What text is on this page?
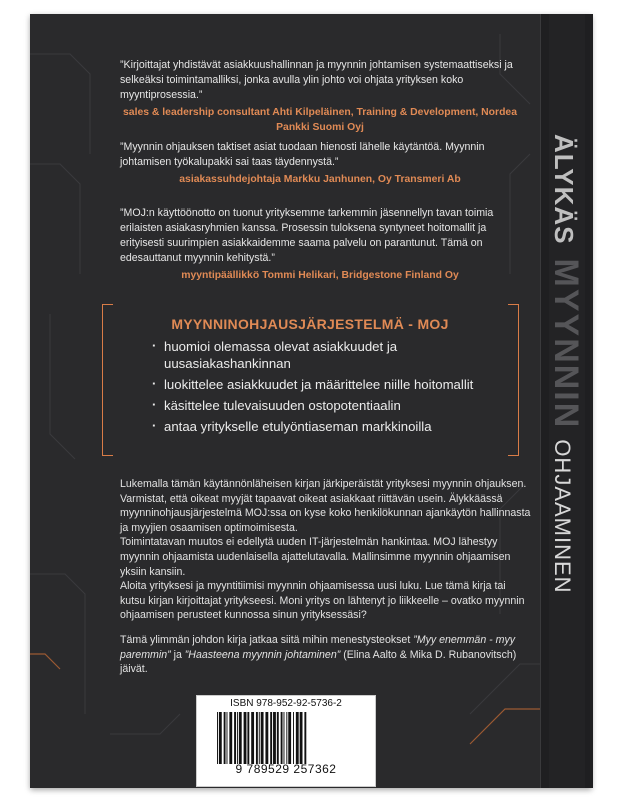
”Kirjoittajat yhdistävät asiakkuushallinnan ja myynnin johtamisen systemaattiseksi ja selkeäksi toimintamalliksi, jonka avulla ylin johto voi ohjata yrityksen koko myyntiprosessia.”

sales & leadership consultant Ahti Kilpeläinen, Training & Development, Nordea Pankki Suomi Oyj

”Myynnin ohjauksen taktiset asiat tuodaan hienosti lähelle käytäntöä. Myynnin johtamisen työkalupakki sai taas täydennystä.”

asiakassuhdejohtaja Markku Janhunen, Oy Transmeri Ab

”MOJ:n käyttöönotto on tuonut yrityksemme tarkemmin jäsennellyn tavan toimia erilaisten asiakasryhmien kanssa. Prosessin tuloksena syntyneet hoitomallit ja erityisesti suurimpien asiakkaidemme saama palvelu on parantunut. Tämä on edesauttanut myynnin kehitystä.”

myyntipäällikkö Tommi Helikari, Bridgestone Finland Oy

MYYNNINOHJAUSJÄRJESTELMÄ - MOJ
· huomioi olemassa olevat asiakkuudet ja uusasiakashankinnan
· luokittelee asiakkuudet ja määrittelee niille hoitomallit
· käsittelee tulevaisuuden ostopotentiaalin
· antaa yritykselle etulyöntiaseman markkinoilla

Lukemalla tämän käytännönläheisen kirjan järkiperäistät yrityksesi myynnin ohjauksen. Varmistat, että oikeat myyjät tapaavat oikeat asiakkaat riittävän usein. Älykkäässä myynninohjausjärjestelmä MOJ:ssa on kyse koko henkilökunnan ajankäytön hallinnasta ja myyjien osaamisen optimoimisesta.

Toimintatavan muutos ei edellytä uuden IT-järjestelmän hankintaa. MOJ lähestyy myynnin ohjaamista uudenlaisella ajattelutavalla. Mallinsimme myynnin ohjaamisen yksiin kansiin.

Aloita yrityksesi ja myyntitiimisi myynnin ohjaamisessa uusi luku. Lue tämä kirja tai kutsu kirjan kirjoittajat yritykseesi. Moni yritys on lähtenyt jo liikkeelle – ovatko myynnin ohjaamisen perusteet kunnossa sinun yrityksessäsi?

Tämä ylimmän johdon kirja jatkaa siitä mihin menestysteokset ”Myy enemmän - myy paremmin” ja ”Haasteena myynnin johtaminen” (Elina Aalto & Mika D. Rubanovitsch) jäivät.

ISBN 978-952-92-5736-2
9 789529 257362
ÄLYKÄSMYYNNINOHJAAMINEN
